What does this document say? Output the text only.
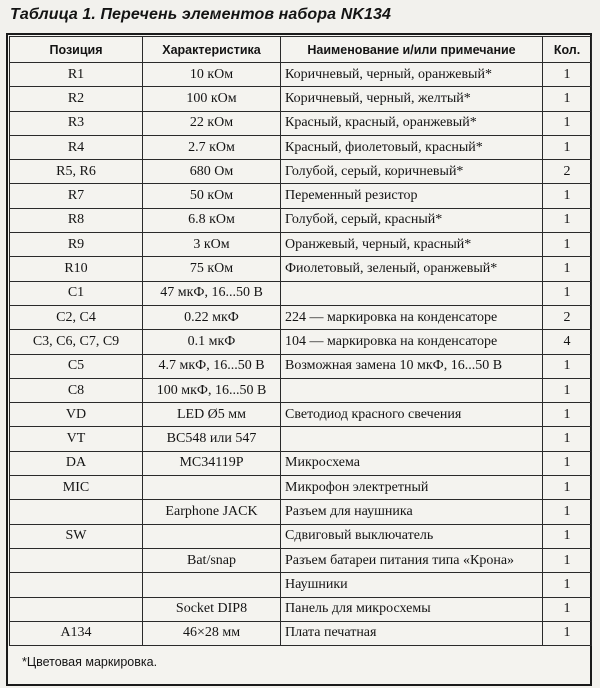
Таблица 1. Перечень элементов набора NK134
Позиция	Характеристика	Наименование и/или примечание	Кол.
R1	10 кОм	Коричневый, черный, оранжевый*	1
R2	100 кОм	Коричневый, черный, желтый*	1
R3	22 кОм	Красный, красный, оранжевый*	1
R4	2.7 кОм	Красный, фиолетовый, красный*	1
R5, R6	680 Ом	Голубой, серый, коричневый*	2
R7	50 кОм	Переменный резистор	1
R8	6.8 кОм	Голубой, серый, красный*	1
R9	3 кОм	Оранжевый, черный, красный*	1
R10	75 кОм	Фиолетовый, зеленый, оранжевый*	1
C1	47 мкФ, 16...50 В		1
C2, C4	0.22 мкФ	224 — маркировка на конденсаторе	2
C3, C6, C7, C9	0.1 мкФ	104 — маркировка на конденсаторе	4
C5	4.7 мкФ, 16...50 В	Возможная замена 10 мкФ, 16...50 В	1
C8	100 мкФ, 16...50 В		1
VD	LED Ø5 мм	Светодиод красного свечения	1
VT	BC548 или 547		1
DA	MC34119P	Микросхема	1
MIC		Микрофон электретный	1
	Earphone JACK	Разъем для наушника	1
SW		Сдвиговый выключатель	1
	Bat/snap	Разъем батареи питания типа «Крона»	1
		Наушники	1
	Socket DIP8	Панель для микросхемы	1
A134	46×28 мм	Плата печатная	1
*Цветовая маркировка.
